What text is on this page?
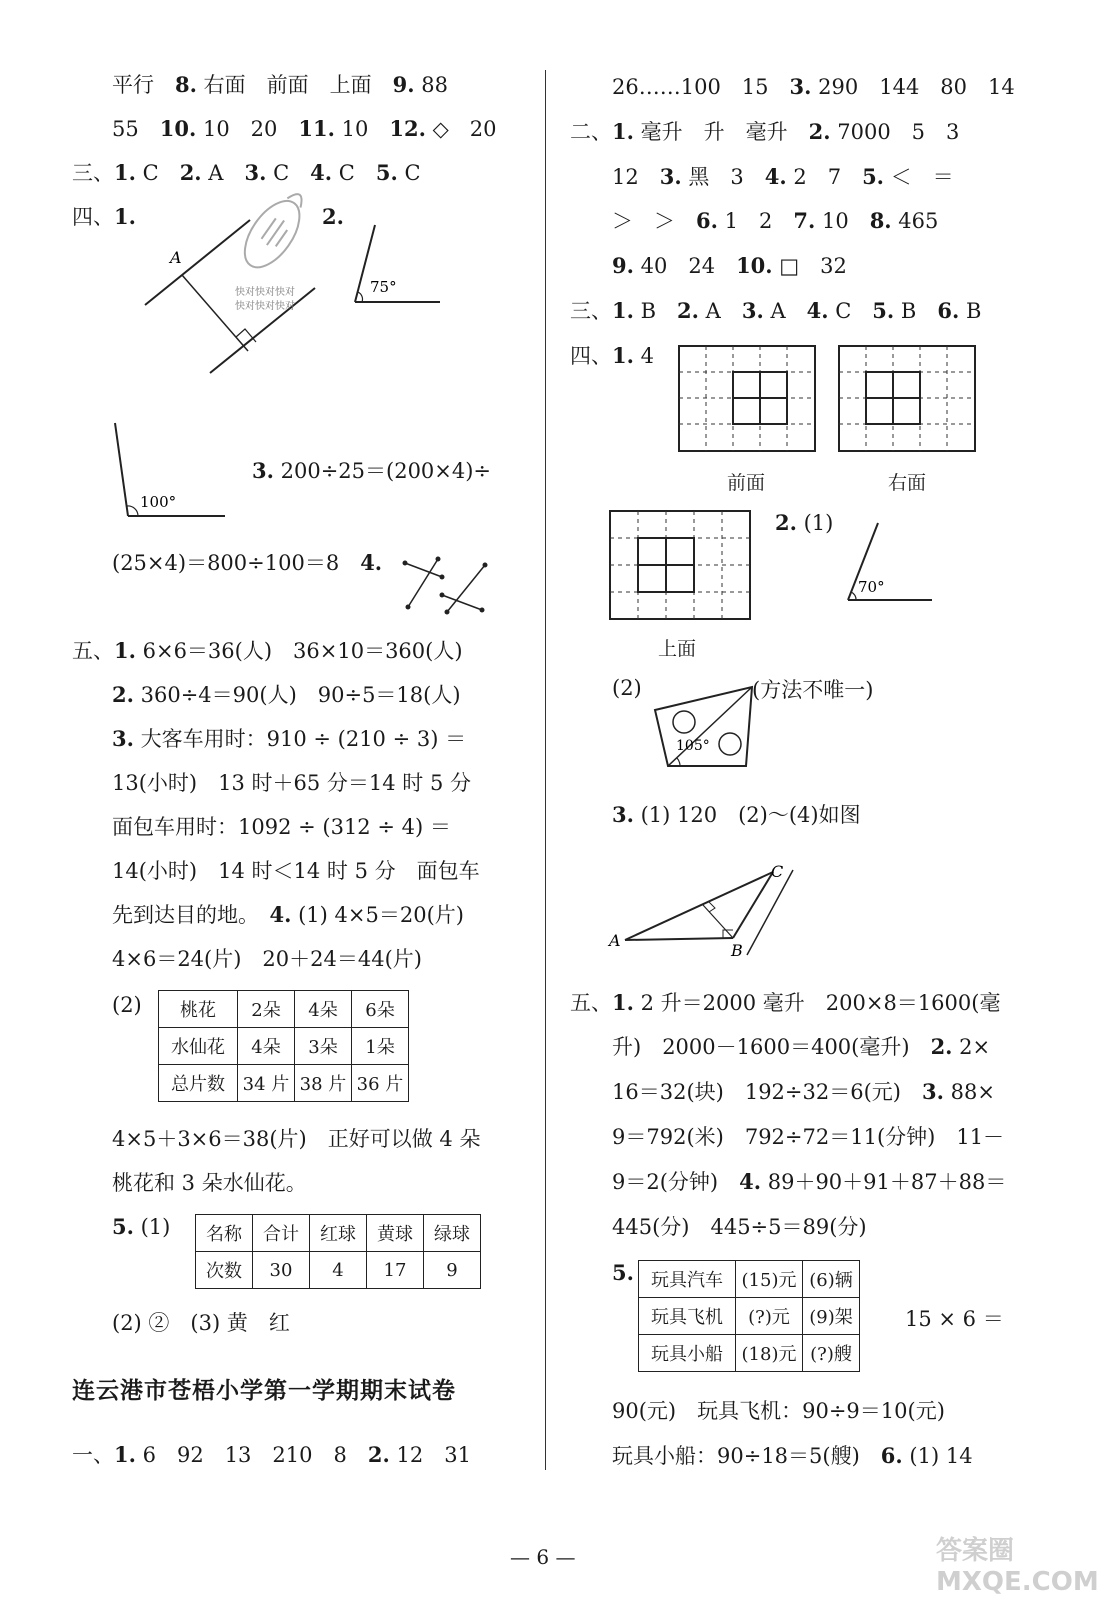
平行　8. 右面　前面　上面　9. 88
55　10. 10　20　11. 10　12. ◇　20
三、1. C　2. A　3. C　4. C　5. C
四、1.	2.
A
快对快对快对
快对快对快对
75°
100°
3. 200÷25＝(200×4)÷
(25×4)＝800÷100＝8　4.
五、1. 6×6＝36(人)　36×10＝360(人)
2. 360÷4＝90(人)　90÷5＝18(人)
3. 大客车用时：910 ÷ (210 ÷ 3) ＝
13(小时)　13 时＋65 分＝14 时 5 分
面包车用时：1092 ÷ (312 ÷ 4) ＝
14(小时)　14 时＜14 时 5 分　面包车
先到达目的地。　4. (1) 4×5＝20(片)
4×6＝24(片)　20＋24＝44(片)
(2) 桃花	2朵	4朵	6朵
水仙花	4朵	3朵	1朵
总片数	34 片	38 片	36 片
4×5＋3×6＝38(片)　正好可以做 4 朵
桃花和 3 朵水仙花。
5. (1) 名称	合计	红球	黄球	绿球
次数	30	4	17	9
(2) ②　(3) 黄　红
连云港市苍梧小学第一学期期末试卷
一、1. 6　92　13　210　8　2. 12　31
26……100　15　3. 290　144　80　14
二、1. 毫升　升　毫升　2. 7000　5　3
12　3. 黑　3　4. 2　7　5. ＜　＝
＞　＞　6. 1　2　7. 10　8. 465
9. 40　24　10. □　32
三、1. B　2. A　3. A　4. C　5. B　6. B
四、1. 4
前面	右面
上面
2. (1)
70°
(2)	(方法不唯一)
105°
3. (1) 120　(2)～(4)如图
A
B
C
五、1. 2 升＝2000 毫升　200×8＝1600(毫
升)　2000－1600＝400(毫升)　2. 2×
16＝32(块)　192÷32＝6(元)　3. 88×
9＝792(米)　792÷72＝11(分钟)　11－
9＝2(分钟)　4. 89＋90＋91＋87＋88＝
445(分)　445÷5＝89(分)
5. 玩具汽车	(15)元	(6)辆
玩具飞机	(?)元	(9)架
玩具小船	(18)元	(?)艘
15 × 6 ＝
90(元)　玩具飞机：90÷9＝10(元)
玩具小船：90÷18＝5(艘)　6. (1) 14
— 6 —	答案圈 MXQE.COM
